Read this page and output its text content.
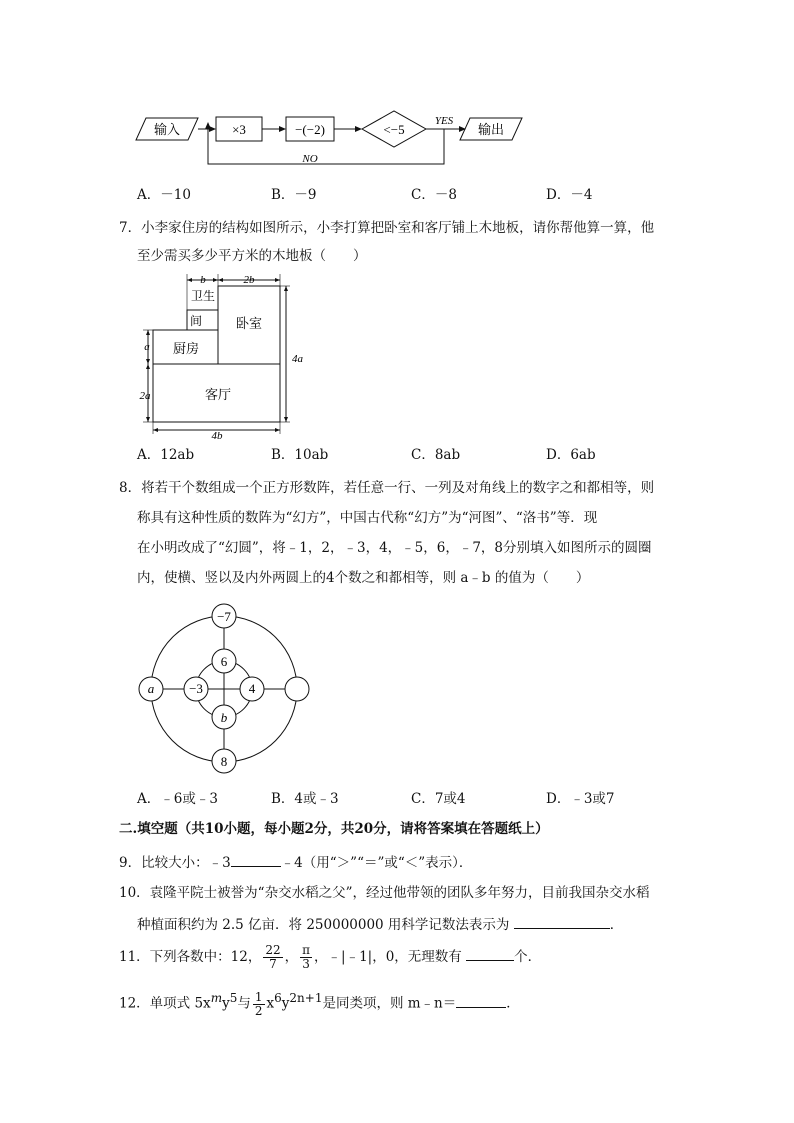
输入	×3	−(−2)	<−5
YES
NO
输出
A．－10	B．－9	C．－8	D．－4
7．小李家住房的结构如图所示，小李打算把卧室和客厅铺上木地板，请你帮他算一算，他
至少需买多少平方米的木地板（　　）
b	2b
卫生
间	卧室
a 厨房
4a
2a	客厅
4b
A．12ab	B．10ab	C．8ab	D．6ab
8．将若干个数组成一个正方形数阵，若任意一行、一列及对角线上的数字之和都相等，则
称具有这种性质的数阵为“幻方”，中国古代称“幻方”为“河图”、“洛书”等．现
在小明改成了“幻圆”，将﹣1，2，﹣3，4，﹣5，6，﹣7，8分别填入如图所示的圆圈
内，使横、竖以及内外两圆上的4个数之和都相等，则 a﹣b 的值为（　　）
−7
6
a	−3	4
b
8
A．﹣6或﹣3	B．4或﹣3	C．7或4	D．﹣3或7
二.填空题（共10小题，每小题2分，共20分，请将答案填在答题纸上）
9．比较大小：﹣3	﹣4（用“＞”“＝”或“＜”表示）．
10．袁隆平院士被誉为“杂交水稻之父”，经过他带领的团队多年努力，目前我国杂交水稻
种植面积约为 2.5 亿亩．将 250000000 用科学记数法表示为	．
11．下列各数中：12， $\frac{22}{7}$ ， $\frac{\pi}{3}$ ，﹣|﹣1|，0，无理数有	个．
12．单项式 $5x^my^5$与 $\frac{1}{2} x^6y^{2n+1}$是同类项，则 m﹣n＝	．
